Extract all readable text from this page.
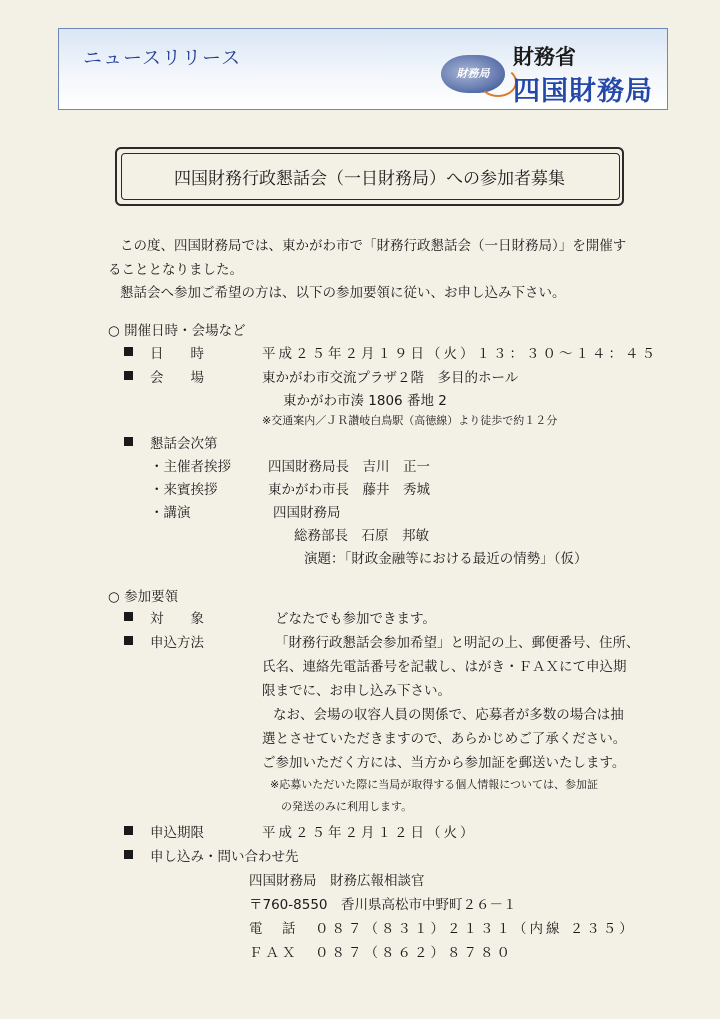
ニュースリリース
財務局
財務省
四国財務局
四国財務行政懇話会（一日財務局）への参加者募集
この度、四国財務局では、東かがわ市で「財務行政懇話会（一日財務局）」を開催す
ることとなりました。
懇話会へ参加ご希望の方は、以下の参加要領に従い、お申し込み下さい。
○ 開催日時・会場など
日　　時	平成２５年２月１９日（火）１３：３０〜１４：４５
会　　場	東かがわ市交流プラザ２階　多目的ホール
東かがわ市湊 1806 番地 2
※交通案内／ＪＲ讃岐白鳥駅（高徳線）より徒歩で約１２分
懇話会次第
・主催者挨拶	四国財務局長　吉川　正一
・来賓挨拶	東かがわ市長　藤井　秀城
・講演	四国財務局
総務部長　石原　邦敏
演題：「財政金融等における最近の情勢」（仮）
○ 参加要領
対　　象	どなたでも参加できます。
申込方法	「財務行政懇話会参加希望」と明記の上、郵便番号、住所、
氏名、連絡先電話番号を記載し、はがき・ＦＡＸにて申込期
限までに、お申し込み下さい。
なお、会場の収容人員の関係で、応募者が多数の場合は抽
選とさせていただきますので、あらかじめご了承ください。
ご参加いただく方には、当方から参加証を郵送いたします。
※応募いただいた際に当局が取得する個人情報については、参加証
の発送のみに利用します。
申込期限	平成２５年２月１２日（火）
申し込み・問い合わせ先
四国財務局　財務広報相談官
〒760-8550　香川県高松市中野町２６－１
電　話　０８７（８３１）２１３１（内線 ２３５）
ＦＡＸ　０８７（８６２）８７８０
